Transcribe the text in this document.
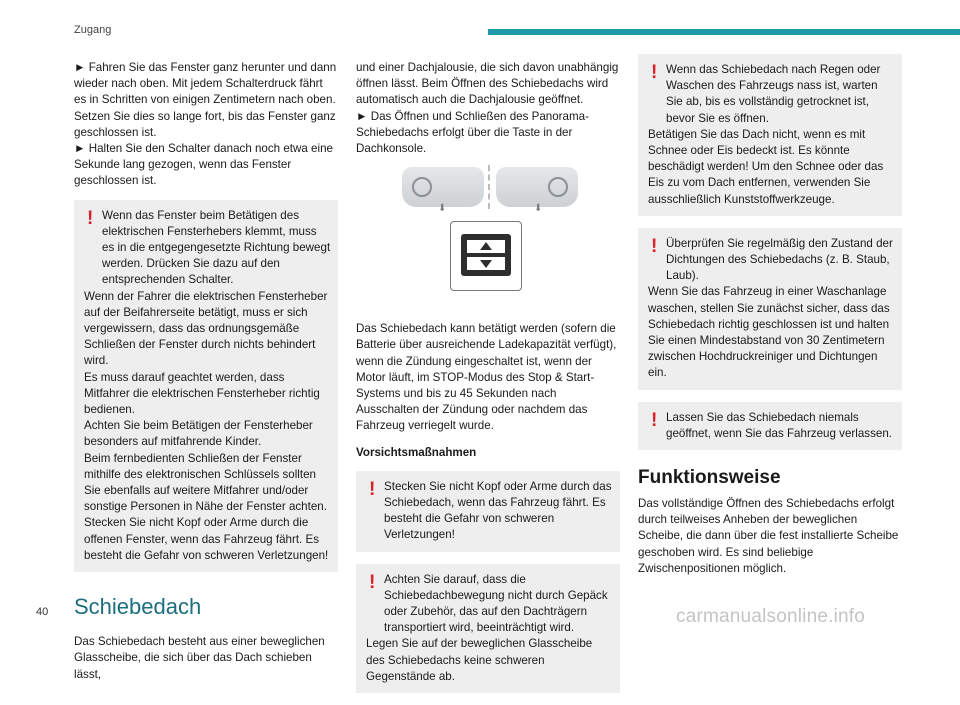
Zugang

► Fahren Sie das Fenster ganz herunter und dann wieder nach oben. Mit jedem Schalterdruck fährt es in Schritten von einigen Zentimetern nach oben. Setzen Sie dies so lange fort, bis das Fenster ganz geschlossen ist.

► Halten Sie den Schalter danach noch etwa eine Sekunde lang gezogen, wenn das Fenster geschlossen ist.

! Wenn das Fenster beim Betätigen des elektrischen Fensterhebers klemmt, muss es in die entgegengesetzte Richtung bewegt werden. Drücken Sie dazu auf den entsprechenden Schalter.

Wenn der Fahrer die elektrischen Fensterheber auf der Beifahrerseite betätigt, muss er sich vergewissern, dass das ordnungsgemäße Schließen der Fenster durch nichts behindert wird.

Es muss darauf geachtet werden, dass Mitfahrer die elektrischen Fensterheber richtig bedienen.

Achten Sie beim Betätigen der Fensterheber besonders auf mitfahrende Kinder.

Beim fernbedienten Schließen der Fenster mithilfe des elektronischen Schlüssels sollten Sie ebenfalls auf weitere Mitfahrer und/oder sonstige Personen in Nähe der Fenster achten.

Stecken Sie nicht Kopf oder Arme durch die offenen Fenster, wenn das Fahrzeug fährt. Es besteht die Gefahr von schweren Verletzungen!

Schiebedach

Das Schiebedach besteht aus einer beweglichen Glasscheibe, die sich über das Dach schieben lässt,

und einer Dachjalousie, die sich davon unabhängig öffnen lässt. Beim Öffnen des Schiebedachs wird automatisch auch die Dachjalousie geöffnet.

► Das Öffnen und Schließen des Panorama-Schiebedachs erfolgt über die Taste in der Dachkonsole.

⬇	⬇

Das Schiebedach kann betätigt werden (sofern die Batterie über ausreichende Ladekapazität verfügt), wenn die Zündung eingeschaltet ist, wenn der Motor läuft, im STOP-Modus des Stop & Start-Systems und bis zu 45 Sekunden nach Ausschalten der Zündung oder nachdem das Fahrzeug verriegelt wurde.

Vorsichtsmaßnahmen
! Stecken Sie nicht Kopf oder Arme durch das Schiebedach, wenn das Fahrzeug fährt. Es besteht die Gefahr von schweren Verletzungen!

! Achten Sie darauf, dass die Schiebedachbewegung nicht durch Gepäck oder Zubehör, das auf den Dachträgern transportiert wird, beeinträchtigt wird.

Legen Sie auf der beweglichen Glasscheibe des Schiebedachs keine schweren Gegenstände ab.

! Wenn das Schiebedach nach Regen oder Waschen des Fahrzeugs nass ist, warten Sie ab, bis es vollständig getrocknet ist, bevor Sie es öffnen.

Betätigen Sie das Dach nicht, wenn es mit Schnee oder Eis bedeckt ist. Es könnte beschädigt werden! Um den Schnee oder das Eis zu vom Dach entfernen, verwenden Sie ausschließlich Kunststoffwerkzeuge.

! Überprüfen Sie regelmäßig den Zustand der Dichtungen des Schiebedachs (z. B. Staub, Laub).

Wenn Sie das Fahrzeug in einer Waschanlage waschen, stellen Sie zunächst sicher, dass das Schiebedach richtig geschlossen ist und halten Sie einen Mindestabstand von 30 Zentimetern zwischen Hochdruckreiniger und Dichtungen ein.

! Lassen Sie das Schiebedach niemals geöffnet, wenn Sie das Fahrzeug verlassen.

Funktionsweise

Das vollständige Öffnen des Schiebedachs erfolgt durch teilweises Anheben der beweglichen Scheibe, die dann über die fest installierte Scheibe geschoben wird. Es sind beliebige Zwischenpositionen möglich.

40	carmanualsonline.info
